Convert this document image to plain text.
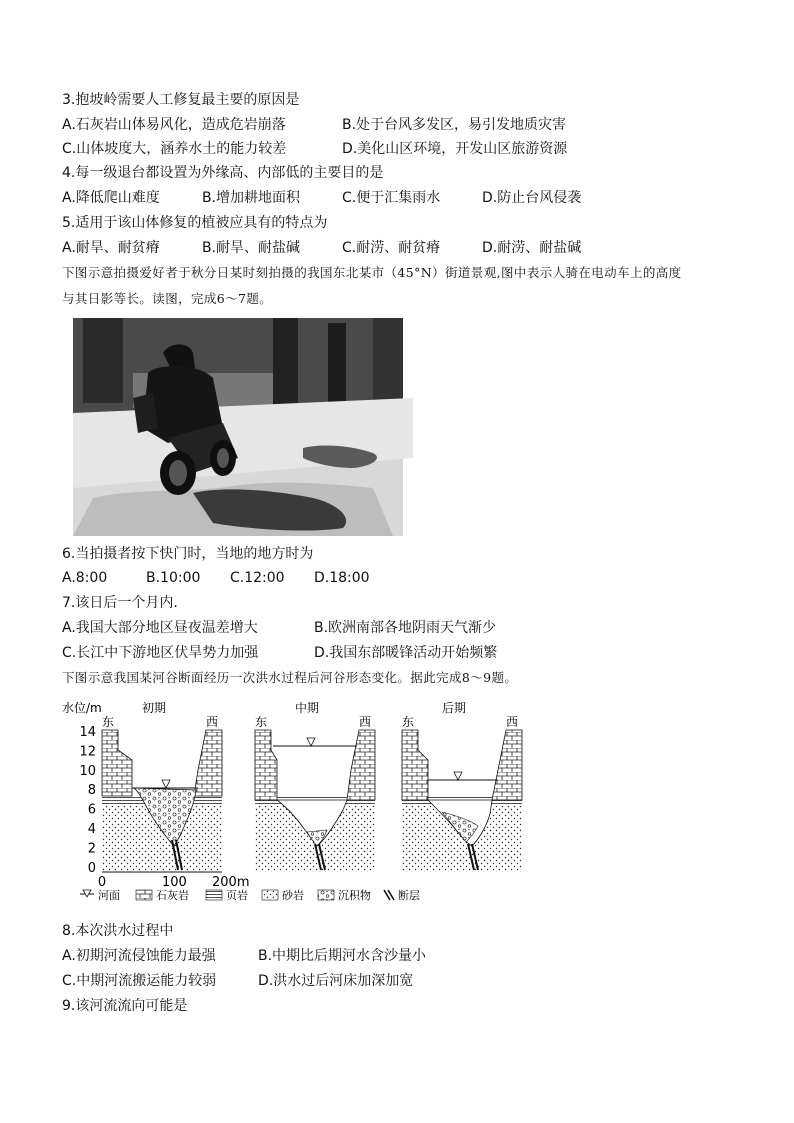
3.抱坡岭需要人工修复最主要的原因是
A.石灰岩山体易风化，造成危岩崩落	B.处于台风多发区，易引发地质灾害
C.山体坡度大，涵养水土的能力较差	D.美化山区环境，开发山区旅游资源
4.每一级退台都设置为外缘高、内部低的主要目的是
A.降低爬山难度	B.增加耕地面积	C.便于汇集雨水	D.防止台风侵袭
5.适用于该山体修复的植被应具有的特点为
A.耐旱、耐贫瘠	B.耐旱、耐盐碱	C.耐涝、耐贫瘠	D.耐涝、耐盐碱
下图示意拍摄爱好者于秋分日某时刻拍摄的我国东北某市（45°N）街道景观,图中表示人骑在电动车上的高度
与其日影等长。读图，完成6～7题。
6.当拍摄者按下快门时，当地的地方时为
A.8:00	B.10:00 C.12:00 D.18:00
7.该日后一个月内.
A.我国大部分地区昼夜温差增大	B.欧洲南部各地阴雨天气渐少
C.长江中下游地区伏旱势力加强	D.我国东部暖锋活动开始频繁
下图示意我国某河谷断面经历一次洪水过程后河谷形态变化。据此完成8～9题。
水位/m
14
12
10
8
6
4
2
0
初期
东	西
中期
东	西
后期
东	西
0	100 200m
河面	石灰岩	页岩	砂岩	沉积物 断层
8.本次洪水过程中
A.初期河流侵蚀能力最强	B.中期比后期河水含沙量小
C.中期河流搬运能力较弱	D.洪水过后河床加深加宽
9.该河流流向可能是
